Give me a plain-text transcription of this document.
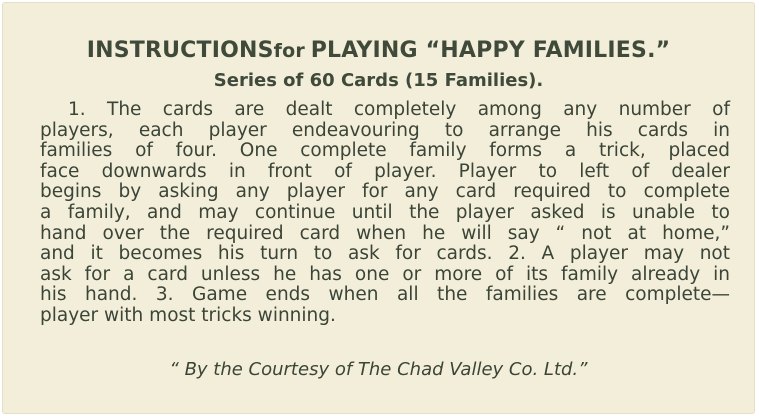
INSTRUCTIONSfor PLAYING “HAPPY FAMILIES.”
Series of 60 Cards (15 Families).
1. The cards are dealt completely among any number of
players, each player endeavouring to arrange his cards in
families of four. One complete family forms a trick, placed
face downwards in front of player. Player to left of dealer
begins by asking any player for any card required to complete
a family, and may continue until the player asked is unable to
hand over the required card when he will say “ not at home,”
and it becomes his turn to ask for cards. 2. A player may not
ask for a card unless he has one or more of its family already in
his hand. 3. Game ends when all the families are complete—
player with most tricks winning.
“ By the Courtesy of The Chad Valley Co. Ltd.”
